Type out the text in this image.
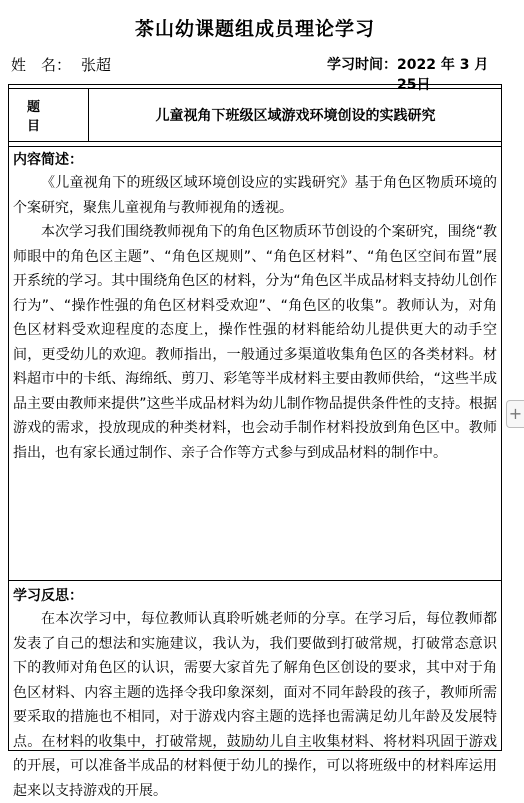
茶山幼课题组成员理论学习
姓　名： 张超	学习时间： 2022 年 3 月 25日
题目
儿童视角下班级区域游戏环境创设的实践研究
内容简述：

《儿童视角下的班级区域环境创设应的实践研究》基于角色区物质环境的个案研究，聚焦儿童视角与教师视角的透视。

本次学习我们围绕教师视角下的角色区物质环节创设的个案研究，围绕“教师眼中的角色区主题”、“角色区规则”、“角色区材料”、“角色区空间布置”展开系统的学习。其中围绕角色区的材料，分为“角色区半成品材料支持幼儿创作行为”、“操作性强的角色区材料受欢迎”、“角色区的收集”。教师认为，对角色区材料受欢迎程度的态度上，操作性强的材料能给幼儿提供更大的动手空间，更受幼儿的欢迎。教师指出，一般通过多渠道收集角色区的各类材料。材料超市中的卡纸、海绵纸、剪刀、彩笔等半成材料主要由教师供给，“这些半成品主要由教师来提供”这些半成品材料为幼儿制作物品提供条件性的支持。根据游戏的需求，投放现成的种类材料，也会动手制作材料投放到角色区中。教师指出，也有家长通过制作、亲子合作等方式参与到成品材料的制作中。

学习反思：

在本次学习中，每位教师认真聆听姚老师的分享。在学习后，每位教师都发表了自己的想法和实施建议，我认为，我们要做到打破常规，打破常态意识下的教师对角色区的认识，需要大家首先了解角色区创设的要求，其中对于角色区材料、内容主题的选择令我印象深刻，面对不同年龄段的孩子，教师所需要采取的措施也不相同，对于游戏内容主题的选择也需满足幼儿年龄及发展特点。在材料的收集中，打破常规，鼓励幼儿自主收集材料、将材料巩固于游戏的开展，可以准备半成品的材料便于幼儿的操作，可以将班级中的材料库运用起来以支持游戏的开展。

+
